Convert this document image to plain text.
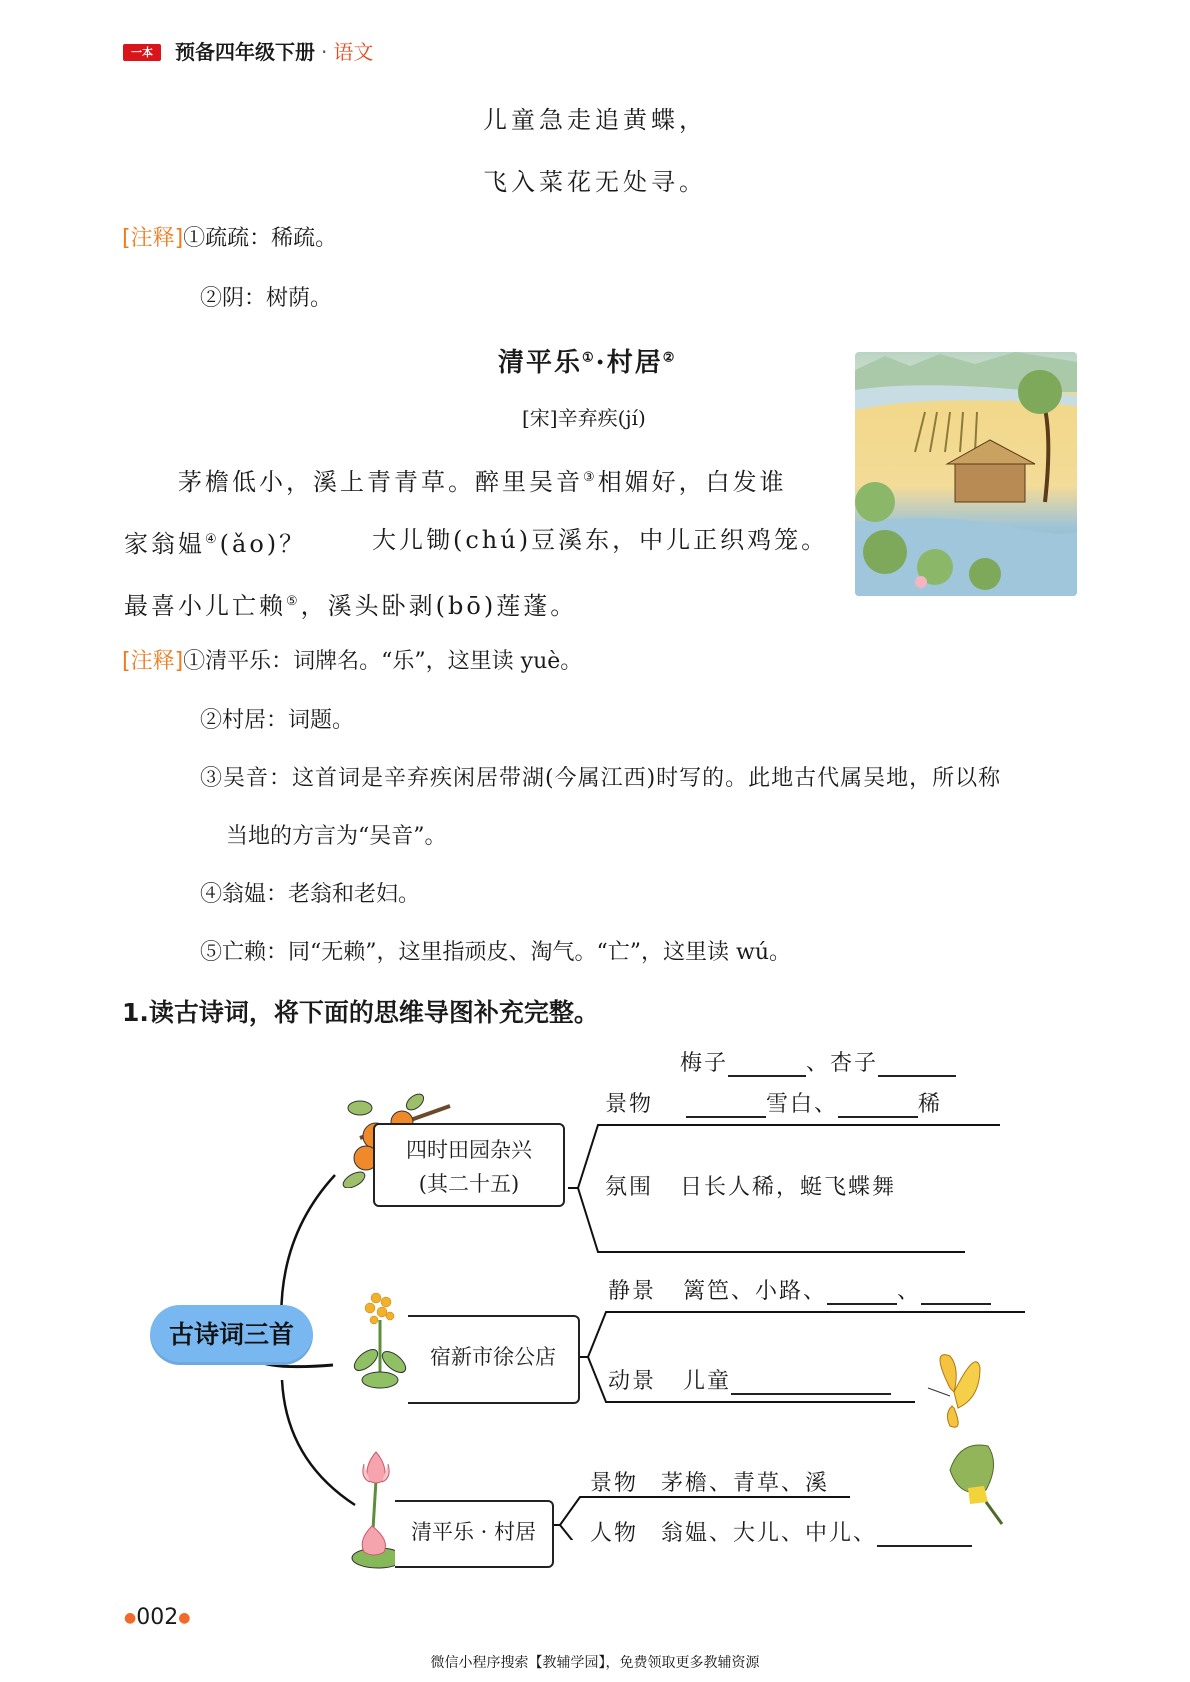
一本	预备四年级下册 · 语文
儿童急走追黄蝶，
飞入菜花无处寻。
[注释]①疏疏：稀疏。
②阴：树荫。
清平乐①·村居②
[宋]辛弃疾(jí)
茅檐低小，溪上青青草。醉里吴音③相媚好，白发谁
家翁媪④(ǎo)？	大儿锄(chú)豆溪东，中儿正织鸡笼。
最喜小儿亡赖⑤，溪头卧剥(bō)莲蓬。
[注释]①清平乐：词牌名。“乐”，这里读 yuè。
②村居：词题。
③吴音：这首词是辛弃疾闲居带湖(今属江西)时写的。此地古代属吴地，所以称
当地的方言为“吴音”。
④翁媪：老翁和老妇。
⑤亡赖：同“无赖”，这里指顽皮、淘气。“亡”，这里读 wú。
1.读古诗词，将下面的思维导图补充完整。
古诗词三首
四时田园杂兴
(其二十五)
梅子	、杏子
景物	雪白、	稀
氛围 日长人稀，蜓飞蝶舞
宿新市徐公店
静景 篱笆、小路、	、
动景 儿童
清平乐 · 村居
景物 茅檐、青草、溪
人物 翁媪、大儿、中儿、
●002●
微信小程序搜索【教辅学园】，免费领取更多教辅资源
